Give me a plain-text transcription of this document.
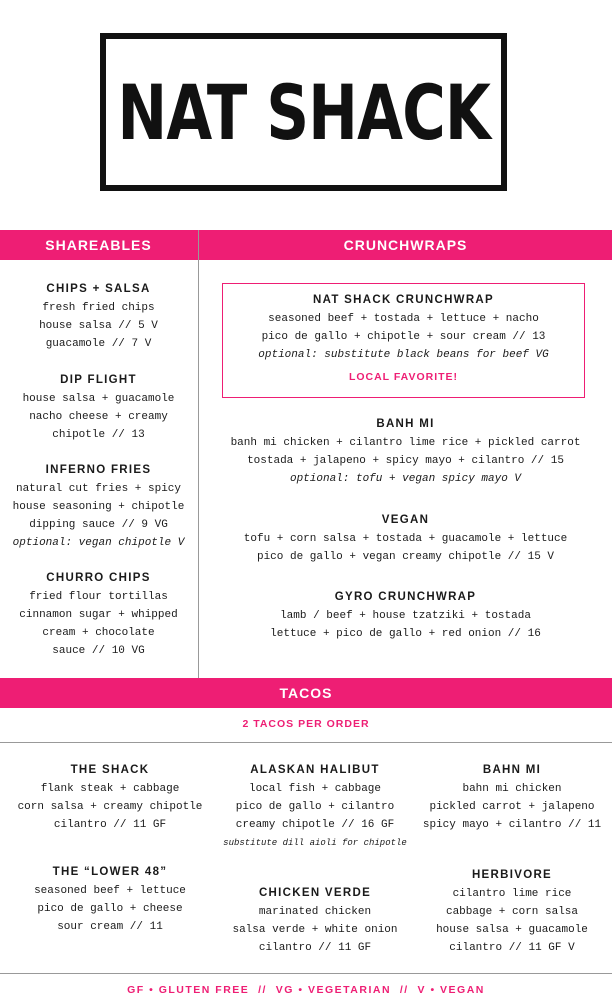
NAT SHACK
SHAREABLES	CRUNCHWRAPS
CHIPS + SALSA
fresh fried chips
house salsa // 5 V
guacamole // 7 V
DIP FLIGHT
house salsa + guacamole
nacho cheese + creamy
chipotle // 13
INFERNO FRIES
natural cut fries + spicy
house seasoning + chipotle
dipping sauce // 9 VG
optional: vegan chipotle V
CHURRO CHIPS
fried flour tortillas
cinnamon sugar + whipped
cream + chocolate
sauce // 10 VG
NAT SHACK CRUNCHWRAP
seasoned beef + tostada + lettuce + nacho
pico de gallo + chipotle + sour cream // 13
optional: substitute black beans for beef VG
LOCAL FAVORITE!
BANH MI
banh mi chicken + cilantro lime rice + pickled carrot
tostada + jalapeno + spicy mayo + cilantro // 15
optional: tofu + vegan spicy mayo V
VEGAN
tofu + corn salsa + tostada + guacamole + lettuce
pico de gallo + vegan creamy chipotle // 15 V
GYRO CRUNCHWRAP
lamb / beef + house tzatziki + tostada
lettuce + pico de gallo + red onion // 16
TACOS
2 TACOS PER ORDER
THE SHACK
flank steak + cabbage
corn salsa + creamy chipotle
cilantro // 11 GF
ALASKAN HALIBUT
local fish + cabbage
pico de gallo + cilantro
creamy chipotle // 16 GF
substitute dill aioli for chipotle
BAHN MI
bahn mi chicken
pickled carrot + jalapeno
spicy mayo + cilantro // 11
THE “LOWER 48”
seasoned beef + lettuce
pico de gallo + cheese
sour cream // 11
CHICKEN VERDE
marinated chicken
salsa verde + white onion
cilantro // 11 GF
HERBIVORE
cilantro lime rice
cabbage + corn salsa
house salsa + guacamole
cilantro // 11 GF V
GF • GLUTEN FREE  //  VG • VEGETARIAN  //  V • VEGAN
